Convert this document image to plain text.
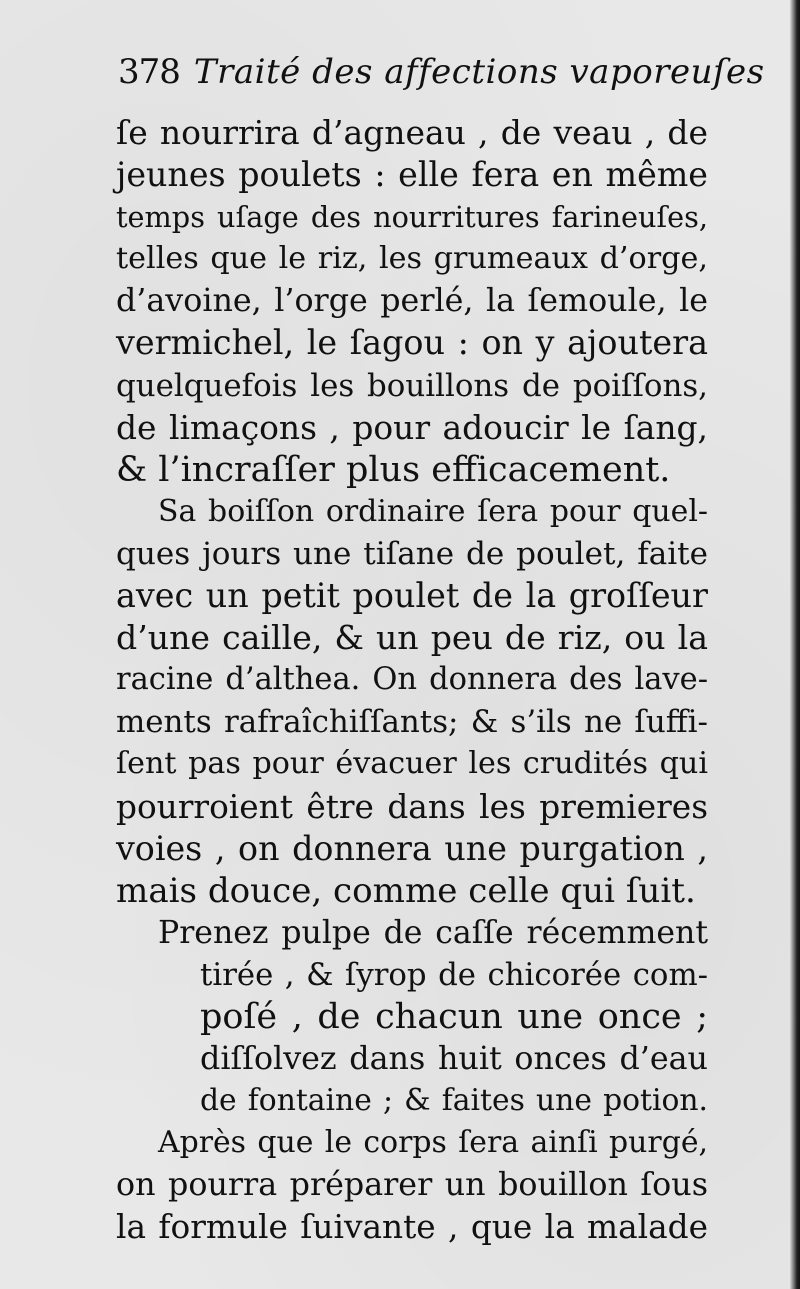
378 Traité des affections vaporeuſes
ſe nourrira d’agneau , de veau , de
jeunes poulets : elle fera en même
temps uſage des nourritures farineuſes,
telles que le riz, les grumeaux d’orge,
d’avoine, l’orge perlé, la ſemoule, le
vermichel, le ſagou : on y ajoutera
quelquefois les bouillons de poiſſons,
de limaçons , pour adoucir le ſang,
& l’incraſſer plus efficacement.
Sa boiſſon ordinaire ſera pour quel-
ques jours une tiſane de poulet, faite
avec un petit poulet de la groſſeur
d’une caille, & un peu de riz, ou la
racine d’althea. On donnera des lave-
ments rafraîchiſſants; & s’ils ne ſuffi-
ſent pas pour évacuer les crudités qui
pourroient être dans les premieres
voies , on donnera une purgation ,
mais douce, comme celle qui ſuit.
Prenez pulpe de caſſe récemment
tirée , & ſyrop de chicorée com-
poſé , de chacun une once ;
diſſolvez dans huit onces d’eau
de fontaine ; & faites une potion.
Après que le corps ſera ainſi purgé,
on pourra préparer un bouillon ſous
la formule ſuivante , que la malade
